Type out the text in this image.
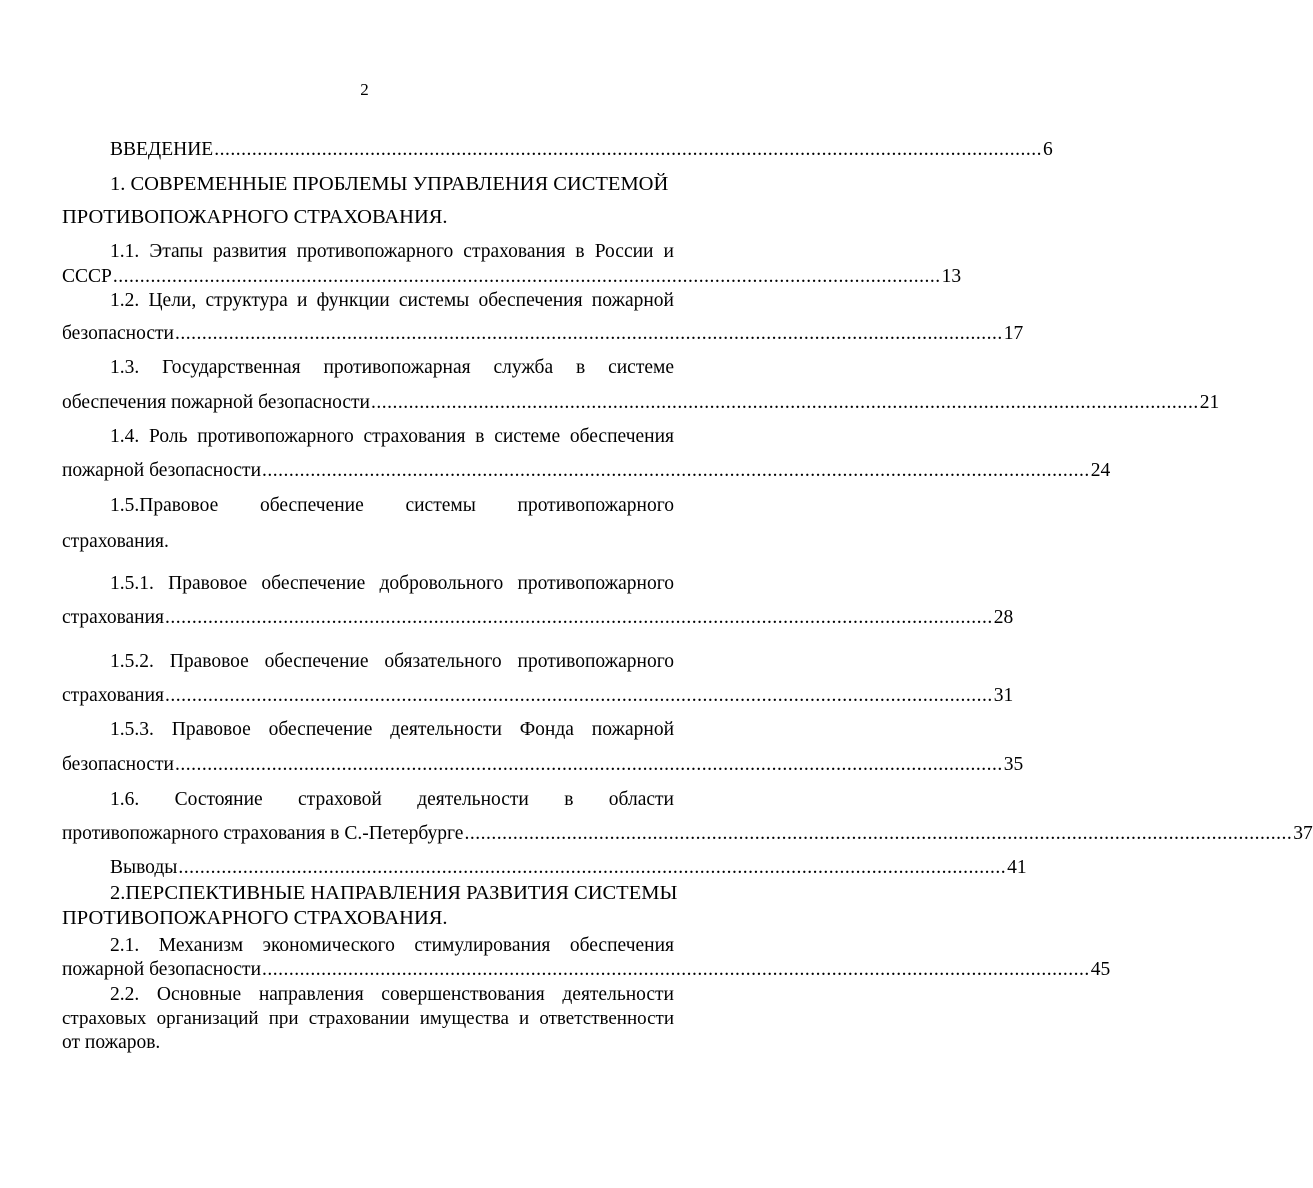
2
ВВЕДЕНИЕ .......................................................................................................................................................... 6
1. СОВРЕМЕННЫЕ ПРОБЛЕМЫ УПРАВЛЕНИЯ СИСТЕМОЙ
ПРОТИВОПОЖАРНОГО СТРАХОВАНИЯ.
1.1. Этапы развития противопожарного страхования в России и
СССР .......................................................................................................................................................... 13
1.2. Цели, структура и функции системы обеспечения пожарной
безопасности .......................................................................................................................................................... 17
1.3. Государственная противопожарная служба в системе
обеспечения пожарной безопасности .......................................................................................................................................................... 21
1.4. Роль противопожарного страхования в системе обеспечения
пожарной безопасности .......................................................................................................................................................... 24
1.5.Правовое обеспечение системы противопожарного
страхования.
1.5.1. Правовое обеспечение добровольного противопожарного
страхования .......................................................................................................................................................... 28
1.5.2. Правовое обеспечение обязательного противопожарного
страхования .......................................................................................................................................................... 31
1.5.3. Правовое обеспечение деятельности Фонда пожарной
безопасности .......................................................................................................................................................... 35
1.6. Состояние страховой деятельности в области
противопожарного страхования в С.-Петербурге .......................................................................................................................................................... 37
Выводы .......................................................................................................................................................... 41
2.ПЕРСПЕКТИВНЫЕ НАПРАВЛЕНИЯ РАЗВИТИЯ СИСТЕМЫ
ПРОТИВОПОЖАРНОГО СТРАХОВАНИЯ.
2.1. Механизм экономического стимулирования обеспечения
пожарной безопасности .......................................................................................................................................................... 45
2.2. Основные направления совершенствования деятельности
страховых организаций при страховании имущества и ответственности
от пожаров.
